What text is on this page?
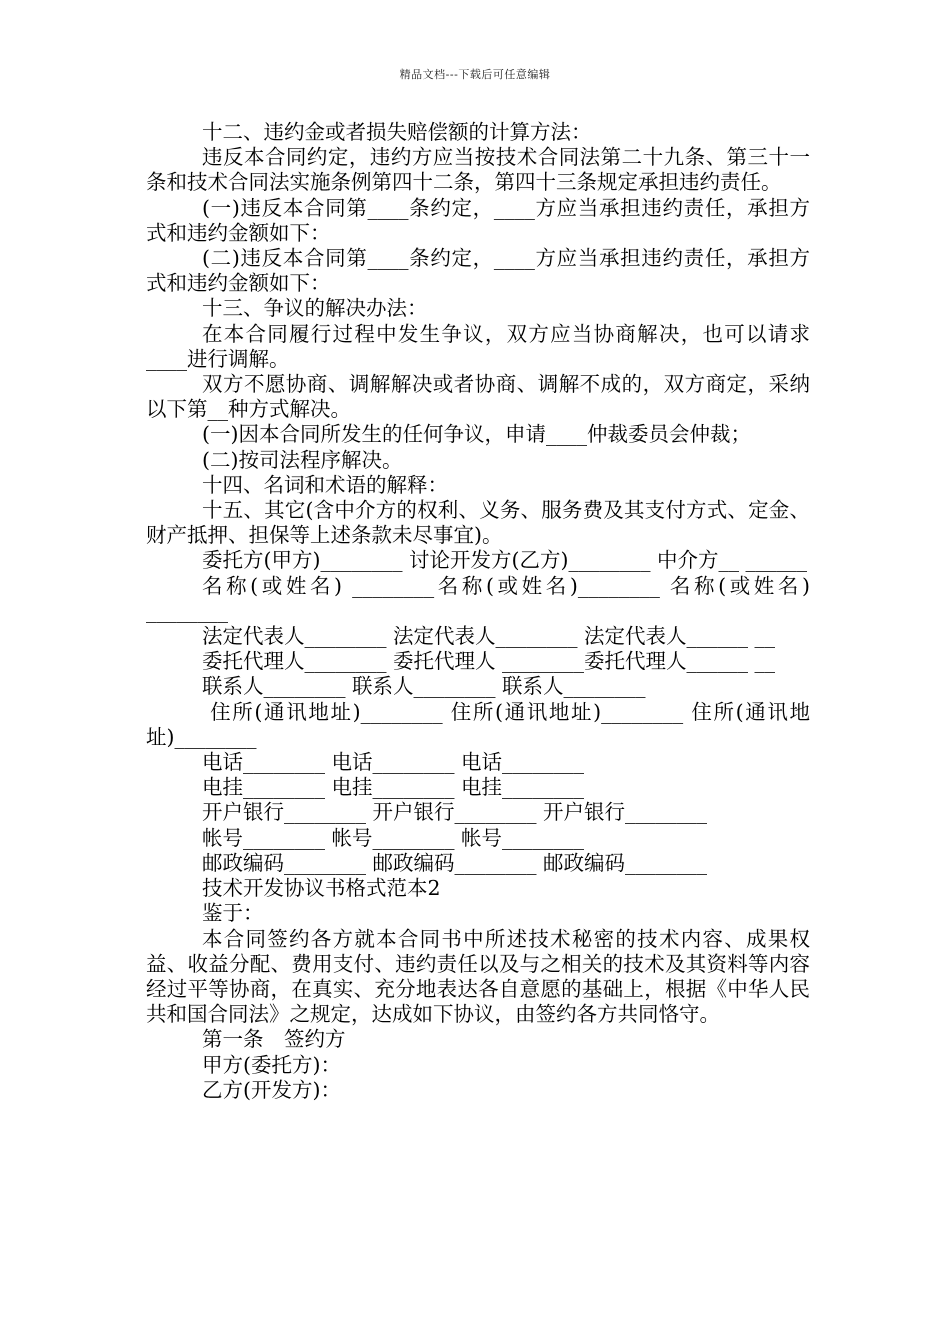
精品文档---下载后可任意编辑
十二、违约金或者损失赔偿额的计算方法：
违反本合同约定，违约方应当按技术合同法第二十九条、第三十一条和技术合同法实施条例第四十二条，第四十三条规定承担违约责任。
(一)违反本合同第____条约定，____方应当承担违约责任，承担方式和违约金额如下：
(二)违反本合同第____条约定，____方应当承担违约责任，承担方式和违约金额如下：
十三、争议的解决办法：
在本合同履行过程中发生争议，双方应当协商解决，也可以请求____进行调解。
双方不愿协商、调解解决或者协商、调解不成的，双方商定，采纳以下第__种方式解决。
(一)因本合同所发生的任何争议，申请____仲裁委员会仲裁；
(二)按司法程序解决。
十四、名词和术语的解释：
十五、其它(含中介方的权利、义务、服务费及其支付方式、定金、财产抵押、担保等上述条款未尽事宜)。
委托方(甲方)________ 讨论开发方(乙方)________ 中介方__ ______
名称(或姓名) ________名称(或姓名)________ 名称(或姓名) ________
法定代表人________ 法定代表人________ 法定代表人______ __
委托代理人________ 委托代理人 ________委托代理人______ __
联系人________ 联系人________ 联系人________
住所(通讯地址)________ 住所(通讯地址)________ 住所(通讯地址)________
电话________ 电话________ 电话________
电挂________ 电挂________ 电挂________
开户银行________ 开户银行________ 开户银行________
帐号________ 帐号________ 帐号________
邮政编码________ 邮政编码________ 邮政编码________
技术开发协议书格式范本2
鉴于：
本合同签约各方就本合同书中所述技术秘密的技术内容、成果权益、收益分配、费用支付、违约责任以及与之相关的技术及其资料等内容经过平等协商，在真实、充分地表达各自意愿的基础上，根据《中华人民共和国合同法》之规定，达成如下协议，由签约各方共同恪守。
第一条　签约方
甲方(委托方)：
乙方(开发方)：
